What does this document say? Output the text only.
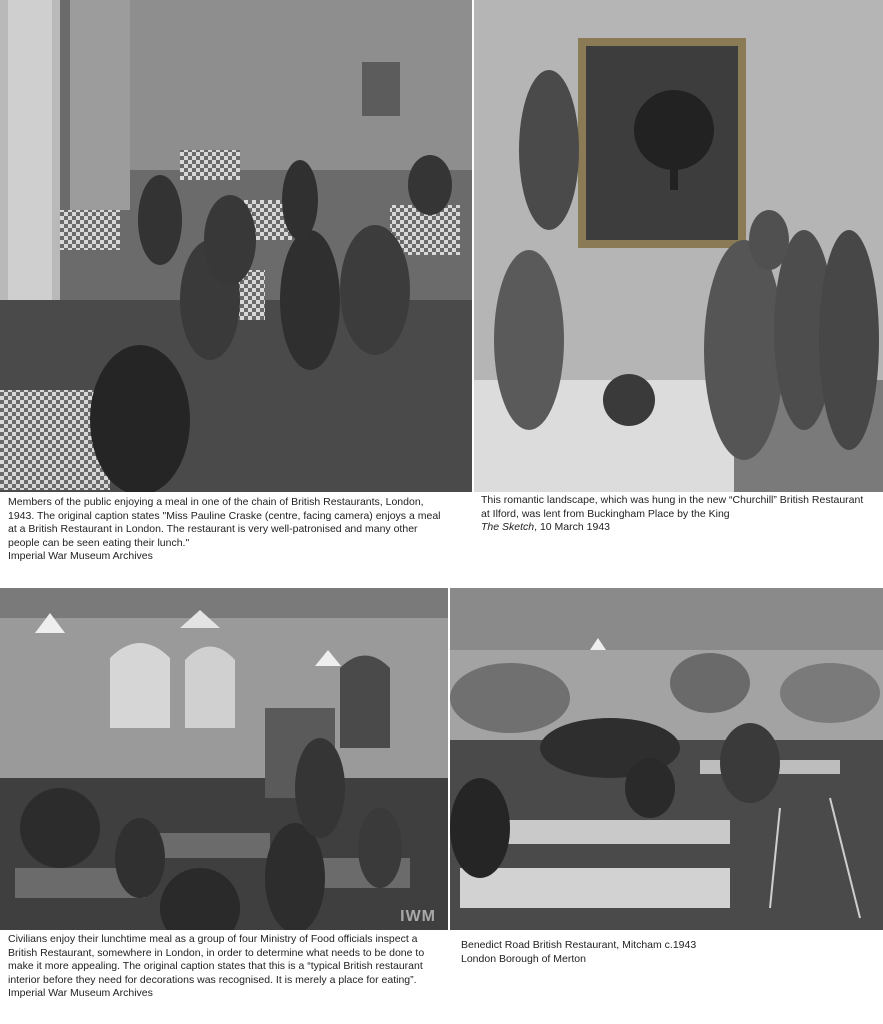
Members of the public enjoying a meal in one of the chain of British Restaurants, London,
1943. The original caption states "Miss Pauline Craske (centre, facing camera) enjoys a meal
at a British Restaurant in London. The restaurant is very well-patronised and many other
people can be seen eating their lunch."
Imperial War Museum Archives
This romantic landscape, which was hung in the new “Churchill” British Restaurant
at Ilford, was lent from Buckingham Place by the King
The Sketch, 10 March 1943
IWM
Civilians enjoy their lunchtime meal as a group of four Ministry of Food officials inspect a
British Restaurant, somewhere in London, in order to determine what needs to be done to
make it more appealing. The original caption states that this is a “typical British restaurant
interior before they need for decorations was recognised. It is merely a place for eating”.
Imperial War Museum Archives
Benedict Road British Restaurant, Mitcham c.1943
London Borough of Merton
